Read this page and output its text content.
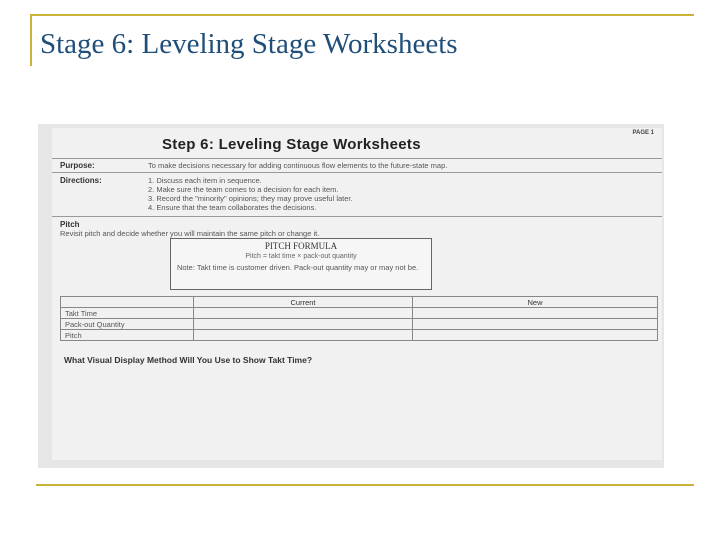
Stage 6: Leveling Stage Worksheets
PAGE 1
Step 6: Leveling Stage Worksheets
Purpose:	To make decisions necessary for adding continuous flow elements to the future-state map.
Directions:	1. Discuss each item in sequence.
2. Make sure the team comes to a decision for each item.
3. Record the "minority" opinions; they may prove useful later.
4. Ensure that the team collaborates the decisions.
Pitch
Revisit pitch and decide whether you will maintain the same pitch or change it.
PITCH FORMULA
Pitch = takt time × pack-out quantity
Note: Takt time is customer driven. Pack-out quantity may or may not be.
	Current	New
Takt Time		
Pack-out Quantity		
Pitch		
What Visual Display Method Will You Use to Show Takt Time?
